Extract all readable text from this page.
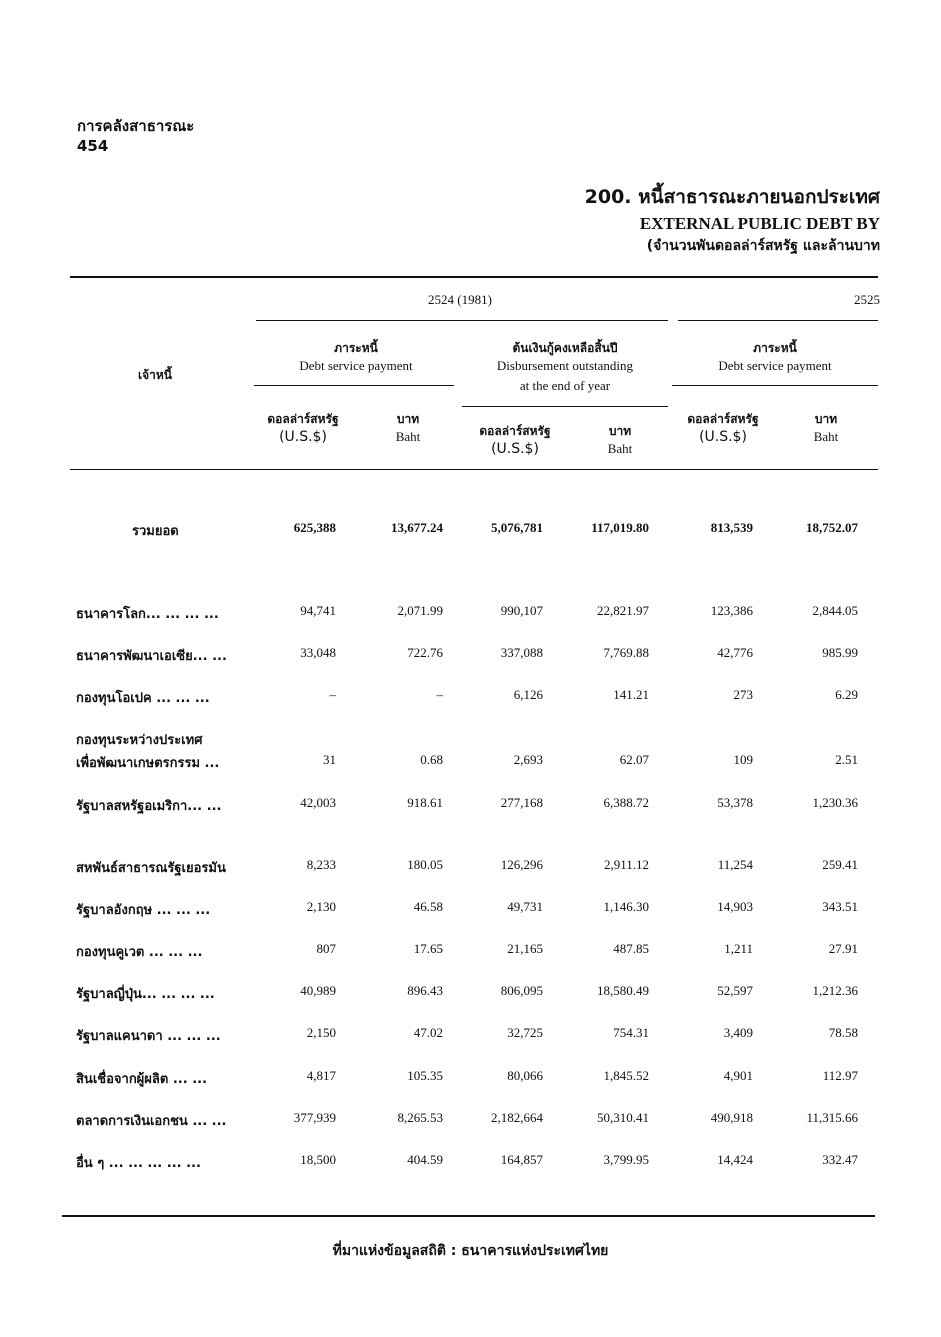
การคลังสาธารณะ
454
200. หนี้สาธารณะภายนอกประเทศ
EXTERNAL PUBLIC DEBT BY
(จำนวนพันดอลล่าร์สหรัฐ และล้านบาท
เจ้าหนี้
2524 (1981)	2525
ภาระหนี้
Debt service payment
ต้นเงินกู้คงเหลือสิ้นปี
Disbursement outstanding
at the end of year
ภาระหนี้
Debt service payment
ดอลล่าร์สหรัฐ
(U.S.$)
บาท
Baht	ดอลล่าร์สหรัฐ
(U.S.$)
บาท
Baht
ดอลล่าร์สหรัฐ
(U.S.$)
บาท
Baht
รวมยอด	625,388	13,677.24	5,076,781	117,019.80	813,539	18,752.07
ธนาคารโลก... ... ... ...	94,741	2,071.99	990,107	22,821.97	123,386	2,844.05
ธนาคารพัฒนาเอเซีย... ...	33,048	722.76	337,088	7,769.88	42,776	985.99
กองทุนโอเปค ... ... ...	–	–	6,126	141.21	273	6.29
กองทุนระหว่างประเทศ
เพื่อพัฒนาเกษตรกรรม ...	31	0.68	2,693	62.07	109	2.51
รัฐบาลสหรัฐอเมริกา... ...	42,003	918.61	277,168	6,388.72	53,378	1,230.36
สหพันธ์สาธารณรัฐเยอรมัน	8,233	180.05	126,296	2,911.12	11,254	259.41
รัฐบาลอังกฤษ ... ... ...	2,130	46.58	49,731	1,146.30	14,903	343.51
กองทุนคูเวต ... ... ...	807	17.65	21,165	487.85	1,211	27.91
รัฐบาลญี่ปุ่น... ... ... ...	40,989	896.43	806,095	18,580.49	52,597	1,212.36
รัฐบาลแคนาดา ... ... ...	2,150	47.02	32,725	754.31	3,409	78.58
สินเชื่อจากผู้ผลิต ... ...	4,817	105.35	80,066	1,845.52	4,901	112.97
ตลาดการเงินเอกชน ... ...	377,939	8,265.53	2,182,664	50,310.41	490,918	11,315.66
อื่น ๆ ... ... ... ... ...	18,500	404.59	164,857	3,799.95	14,424	332.47
ที่มาแห่งข้อมูลสถิติ : ธนาคารแห่งประเทศไทย
